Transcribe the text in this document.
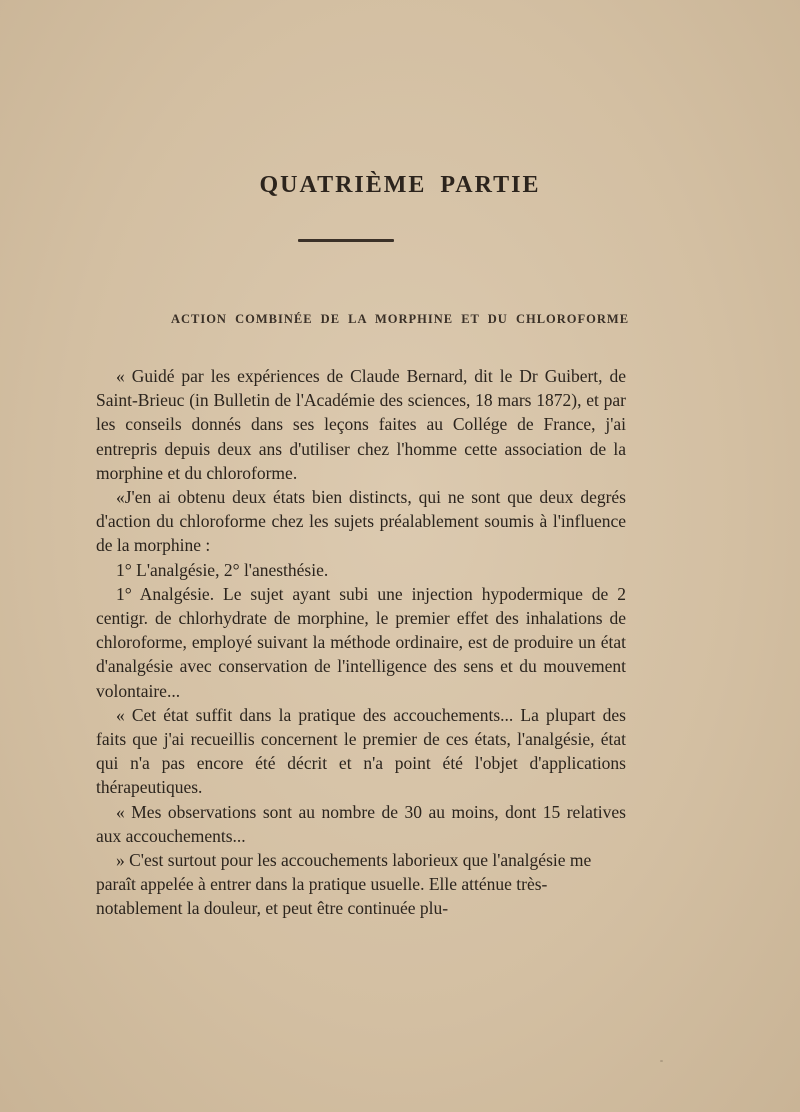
QUATRIÈME PARTIE
ACTION COMBINÉE DE LA MORPHINE ET DU CHLOROFORME

« Guidé par les expériences de Claude Bernard, dit le Dr Guibert, de Saint-Brieuc (in Bulletin de l'Académie des sciences, 18 mars 1872), et par les conseils donnés dans ses leçons faites au Collége de France, j'ai entrepris depuis deux ans d'utiliser chez l'homme cette association de la morphine et du chloroforme.

«J'en ai obtenu deux états bien distincts, qui ne sont que deux degrés d'action du chloroforme chez les sujets préalablement soumis à l'influence de la morphine :

1° L'analgésie, 2° l'anesthésie.

1° Analgésie. Le sujet ayant subi une injection hypodermique de 2 centigr. de chlorhydrate de morphine, le premier effet des inhalations de chloroforme, employé suivant la méthode ordinaire, est de produire un état d'analgésie avec conservation de l'intelligence des sens et du mouvement volontaire...

« Cet état suffit dans la pratique des accouchements... La plupart des faits que j'ai recueillis concernent le premier de ces états, l'analgésie, état qui n'a pas encore été décrit et n'a point été l'objet d'applications thérapeutiques.

« Mes observations sont au nombre de 30 au moins, dont 15 relatives aux accouchements...

» C'est surtout pour les accouchements laborieux que l'analgésie me paraît appelée à entrer dans la pratique usuelle. Elle atténue très-notablement la douleur, et peut être continuée plu-
